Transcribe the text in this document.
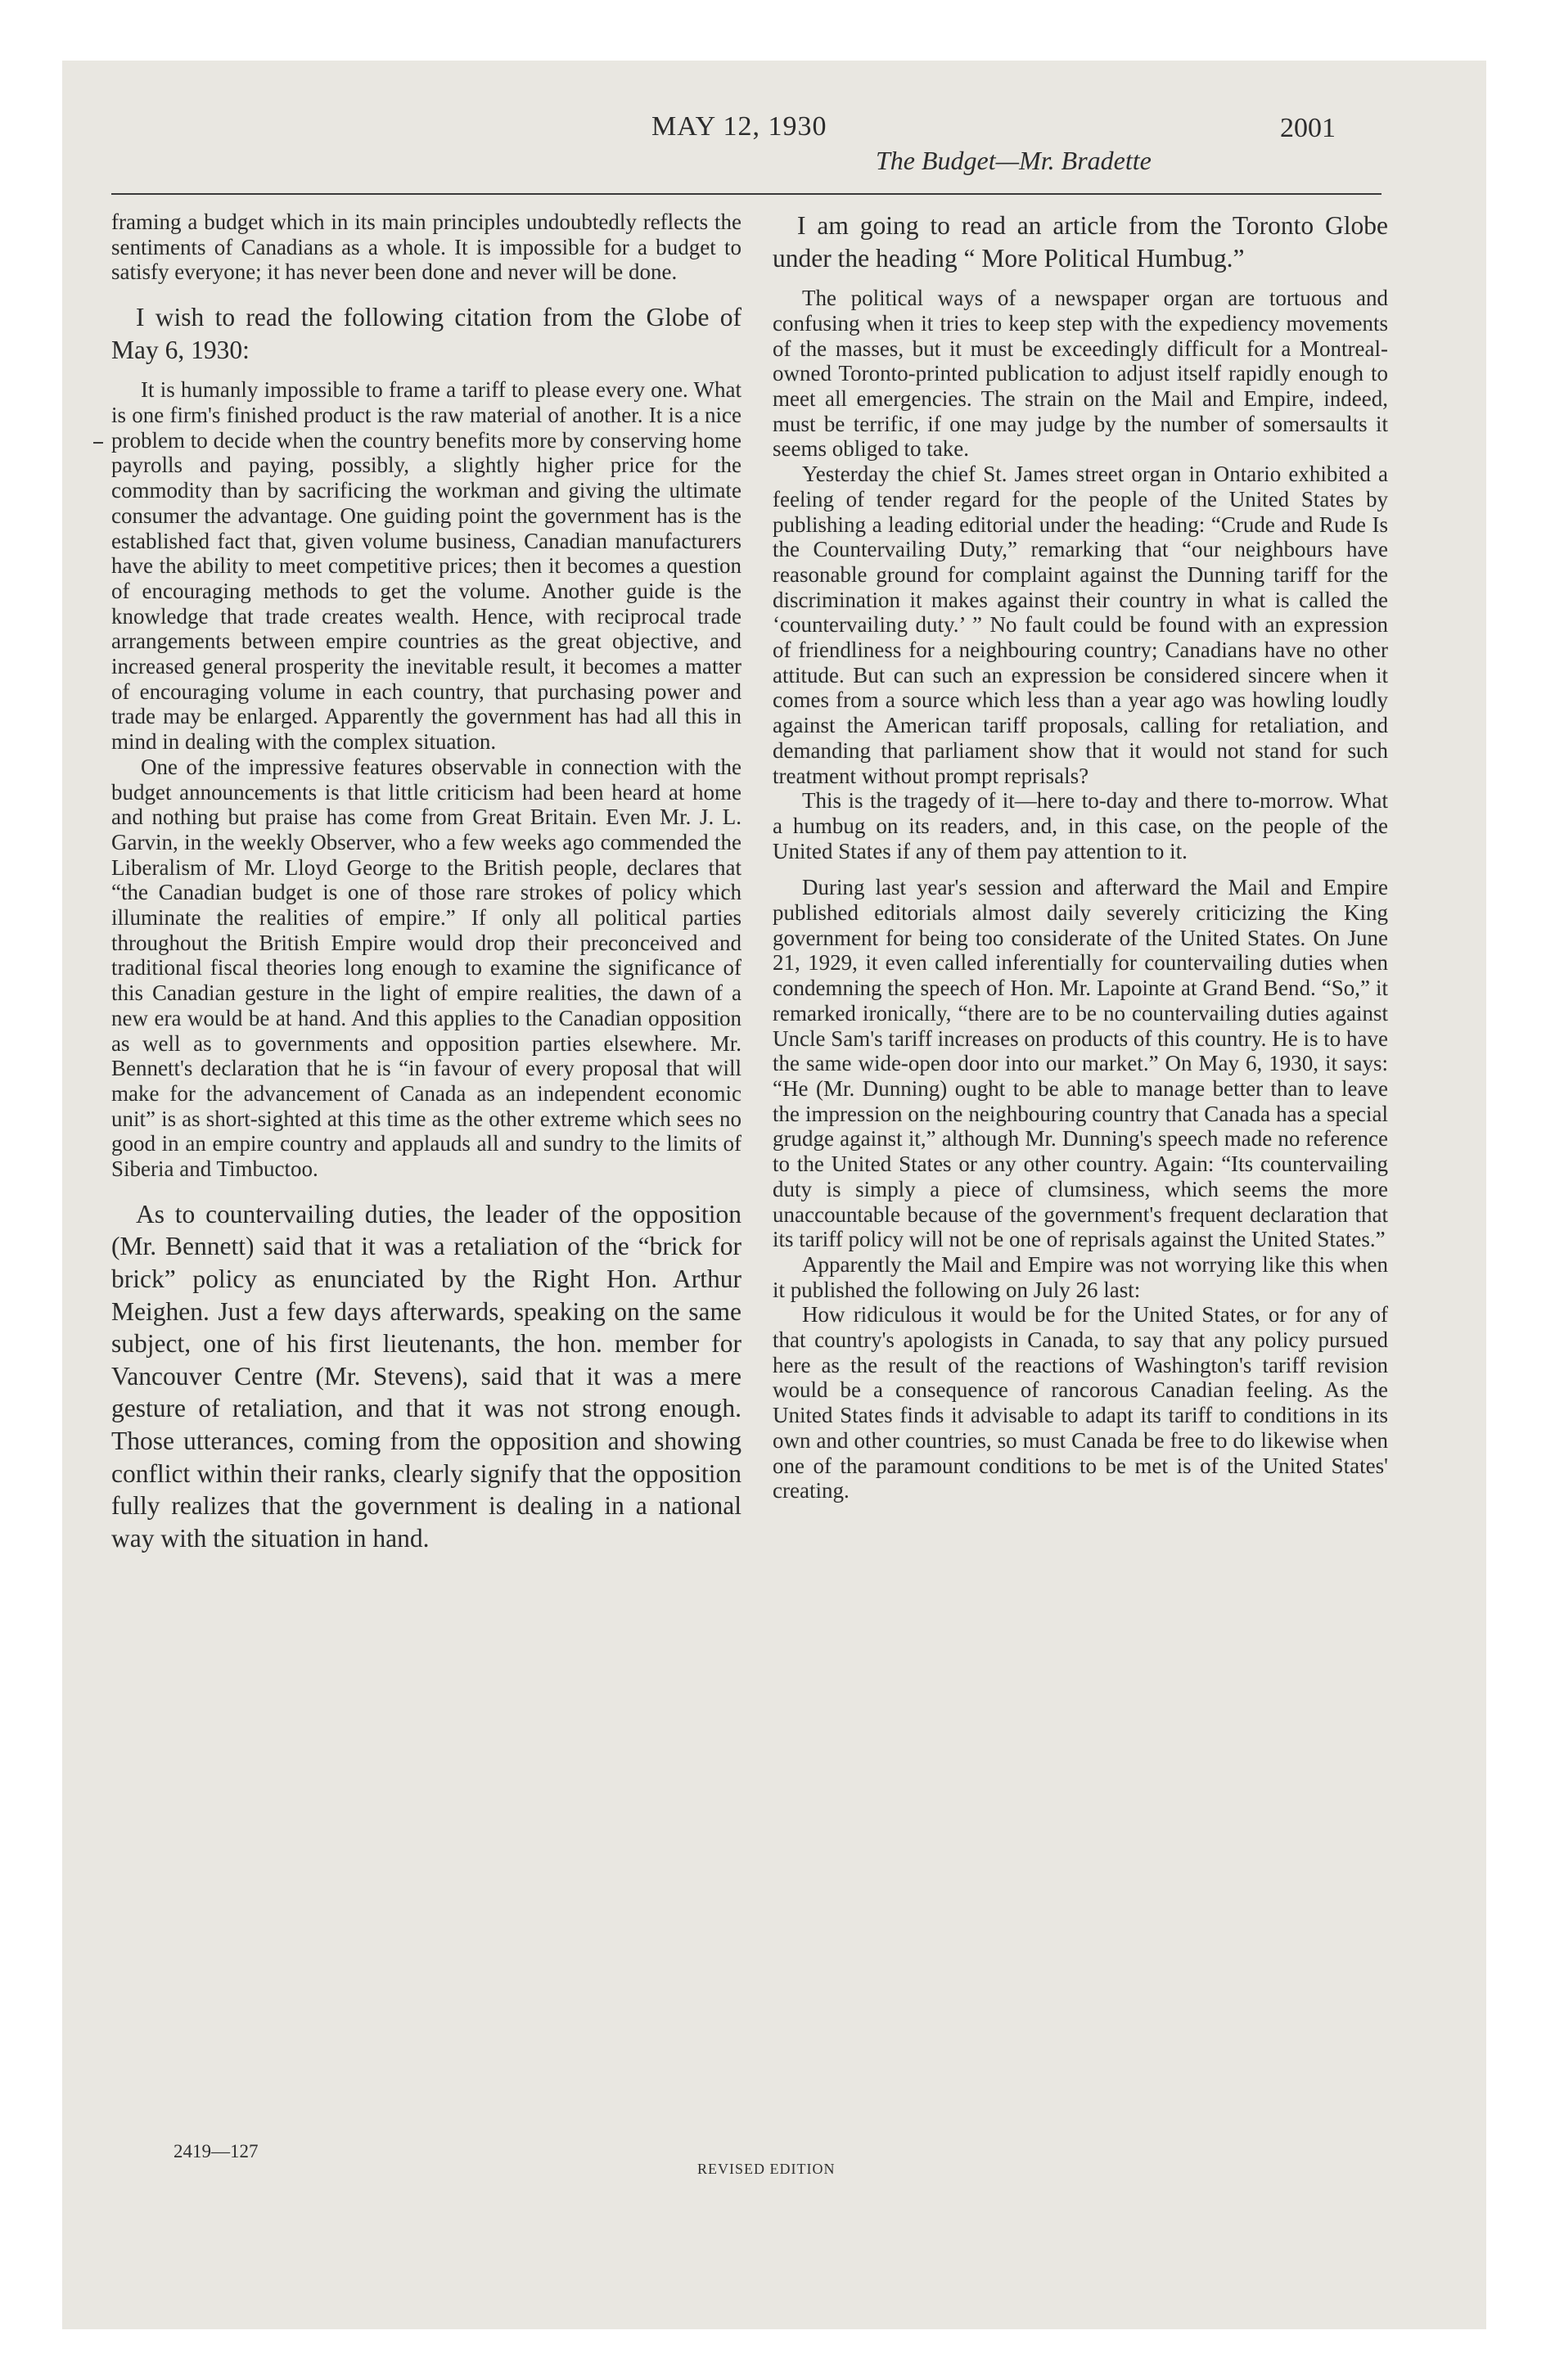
MAY 12, 1930
The Budget—Mr. Bradette
2001

framing a budget which in its main principles undoubtedly reflects the sentiments of Canadians as a whole. It is impossible for a budget to satisfy everyone; it has never been done and never will be done.

I wish to read the following citation from the Globe of May 6, 1930:

It is humanly impossible to frame a tariff to please every one. What is one firm's finished product is the raw material of another. It is a nice problem to decide when the country benefits more by conserving home payrolls and paying, possibly, a slightly higher price for the commodity than by sacrificing the workman and giving the ultimate consumer the advantage. One guiding point the government has is the established fact that, given volume business, Canadian manufacturers have the ability to meet competitive prices; then it becomes a question of encouraging methods to get the volume. Another guide is the knowledge that trade creates wealth. Hence, with reciprocal trade arrangements between empire countries as the great objective, and increased general prosperity the inevitable result, it becomes a matter of encouraging volume in each country, that purchasing power and trade may be enlarged. Apparently the government has had all this in mind in dealing with the complex situation.

One of the impressive features observable in connection with the budget announcements is that little criticism had been heard at home and nothing but praise has come from Great Britain. Even Mr. J. L. Garvin, in the weekly Observer, who a few weeks ago commended the Liberalism of Mr. Lloyd George to the British people, declares that “the Canadian budget is one of those rare strokes of policy which illuminate the realities of empire.” If only all political parties throughout the British Empire would drop their preconceived and traditional fiscal theories long enough to examine the significance of this Canadian gesture in the light of empire realities, the dawn of a new era would be at hand. And this applies to the Canadian opposition as well as to governments and opposition parties elsewhere. Mr. Bennett's declaration that he is “in favour of every proposal that will make for the advancement of Canada as an independent economic unit” is as short-sighted at this time as the other extreme which sees no good in an empire country and applauds all and sundry to the limits of Siberia and Timbuctoo.

As to countervailing duties, the leader of the opposition (Mr. Bennett) said that it was a retaliation of the “brick for brick” policy as enunciated by the Right Hon. Arthur Meighen. Just a few days afterwards, speaking on the same subject, one of his first lieutenants, the hon. member for Vancouver Centre (Mr. Stevens), said that it was a mere gesture of retaliation, and that it was not strong enough. Those utterances, coming from the opposition and showing conflict within their ranks, clearly signify that the opposition fully realizes that the government is dealing in a national way with the situation in hand.

I am going to read an article from the Toronto Globe under the heading “ More Political Humbug.”

The political ways of a newspaper organ are tortuous and confusing when it tries to keep step with the expediency movements of the masses, but it must be exceedingly difficult for a Montreal-owned Toronto-printed publication to adjust itself rapidly enough to meet all emergencies. The strain on the Mail and Empire, indeed, must be terrific, if one may judge by the number of somersaults it seems obliged to take.

Yesterday the chief St. James street organ in Ontario exhibited a feeling of tender regard for the people of the United States by publishing a leading editorial under the heading: “Crude and Rude Is the Countervailing Duty,” remarking that “our neighbours have reasonable ground for complaint against the Dunning tariff for the discrimination it makes against their country in what is called the ‘countervailing duty.’ ” No fault could be found with an expression of friendliness for a neighbouring country; Canadians have no other attitude. But can such an expression be considered sincere when it comes from a source which less than a year ago was howling loudly against the American tariff proposals, calling for retaliation, and demanding that parliament show that it would not stand for such treatment without prompt reprisals?

This is the tragedy of it—here to-day and there to-morrow. What a humbug on its readers, and, in this case, on the people of the United States if any of them pay attention to it.

During last year's session and afterward the Mail and Empire published editorials almost daily severely criticizing the King government for being too considerate of the United States. On June 21, 1929, it even called inferentially for countervailing duties when condemning the speech of Hon. Mr. Lapointe at Grand Bend. “So,” it remarked ironically, “there are to be no countervailing duties against Uncle Sam's tariff increases on products of this country. He is to have the same wide-open door into our market.” On May 6, 1930, it says: “He (Mr. Dunning) ought to be able to manage better than to leave the impression on the neighbouring country that Canada has a special grudge against it,” although Mr. Dunning's speech made no reference to the United States or any other country. Again: “Its countervailing duty is simply a piece of clumsiness, which seems the more unaccountable because of the government's frequent declaration that its tariff policy will not be one of reprisals against the United States.”

Apparently the Mail and Empire was not worrying like this when it published the following on July 26 last:

How ridiculous it would be for the United States, or for any of that country's apologists in Canada, to say that any policy pursued here as the result of the reactions of Washington's tariff revision would be a consequence of rancorous Canadian feeling. As the United States finds it advisable to adapt its tariff to conditions in its own and other countries, so must Canada be free to do likewise when one of the paramount conditions to be met is of the United States' creating.

2419—127
REVISED EDITION
